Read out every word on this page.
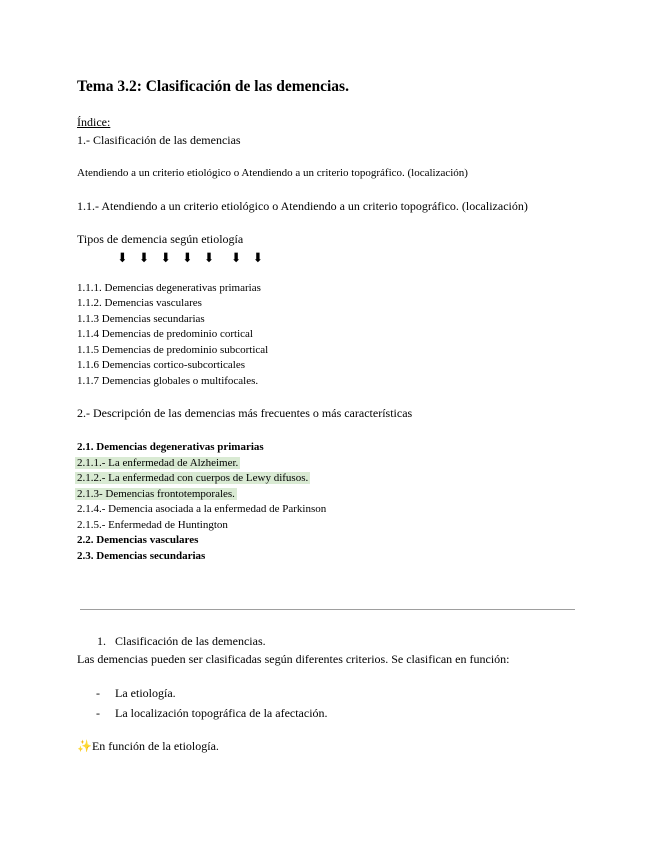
Tema 3.2: Clasificación de las demencias.
Índice:
1.- Clasificación de las demencias
Atendiendo a un criterio etiológico o Atendiendo a un criterio topográfico. (localización)
1.1.- Atendiendo a un criterio etiológico o Atendiendo a un criterio topográfico. (localización)
Tipos de demencia según etiología
⬇ ⬇ ⬇ ⬇ ⬇ ⬇ ⬇
1.1.1. Demencias degenerativas primarias
1.1.2. Demencias vasculares
1.1.3 Demencias secundarias
1.1.4 Demencias de predominio cortical
1.1.5 Demencias de predominio subcortical
1.1.6 Demencias cortico-subcorticales
1.1.7 Demencias globales o multifocales.
2.- Descripción de las demencias más frecuentes o más características
2.1. Demencias degenerativas primarias
2.1.1.- La enfermedad de Alzheimer.
2.1.2.- La enfermedad con cuerpos de Lewy difusos.
2.1.3- Demencias frontotemporales.
2.1.4.- Demencia asociada a la enfermedad de Parkinson
2.1.5.- Enfermedad de Huntington
2.2. Demencias vasculares
2.3. Demencias secundarias
1. Clasificación de las demencias.
Las demencias pueden ser clasificadas según diferentes criterios. Se clasifican en función:
- La etiología.
- La localización topográfica de la afectación.
✨En función de la etiología.
